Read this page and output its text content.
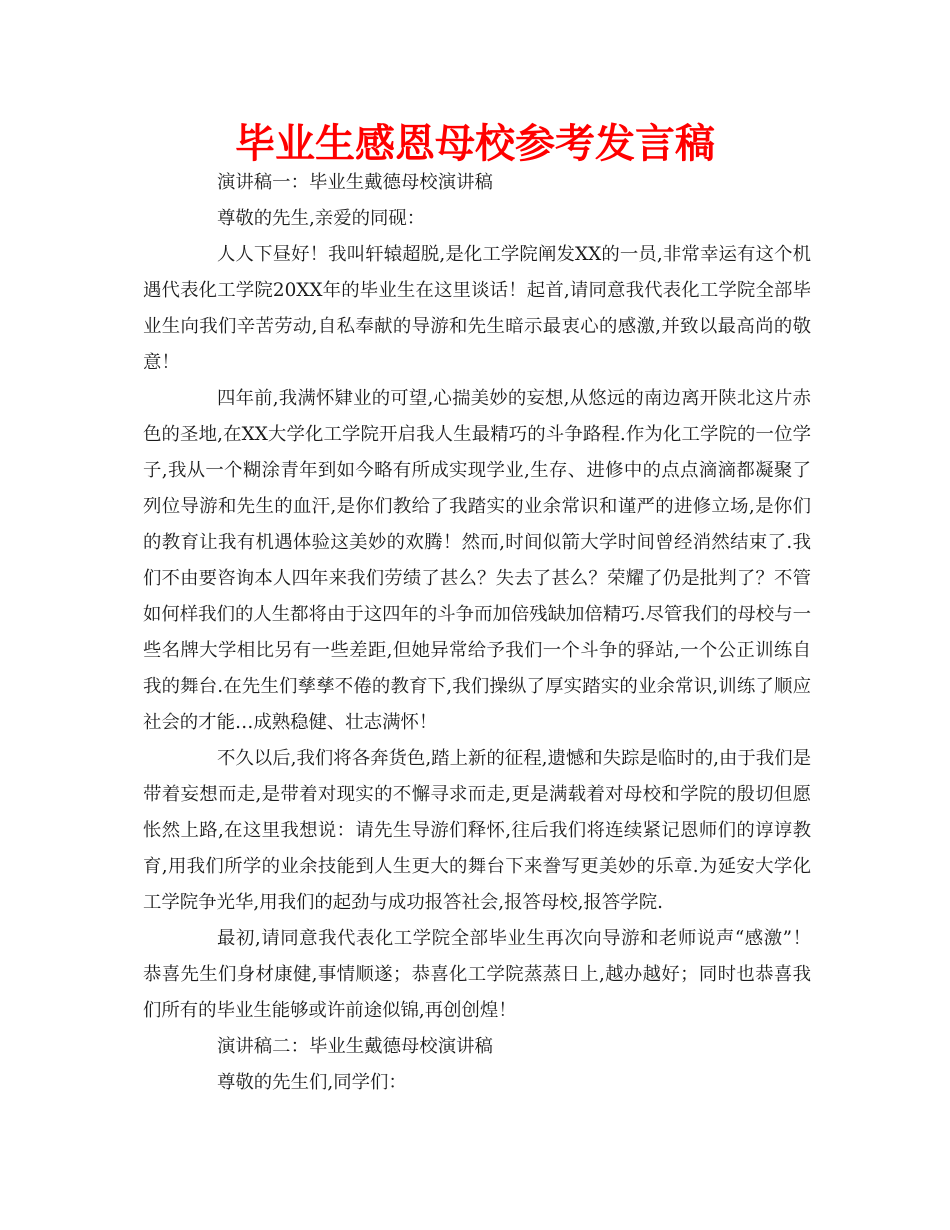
毕业生感恩母校参考发言稿

演讲稿一：毕业生戴德母校演讲稿

尊敬的先生,亲爱的同砚：

人人下昼好！我叫轩辕超脱,是化工学院阐发XX的一员,非常幸运有这个机遇代表化工学院20XX年的毕业生在这里谈话！起首,请同意我代表化工学院全部毕业生向我们辛苦劳动,自私奉献的导游和先生暗示最衷心的感激,并致以最高尚的敬意！

四年前,我满怀肄业的可望,心揣美妙的妄想,从悠远的南边离开陕北这片赤色的圣地,在XX大学化工学院开启我人生最精巧的斗争路程.作为化工学院的一位学子,我从一个糊涂青年到如今略有所成实现学业,生存、进修中的点点滴滴都凝聚了列位导游和先生的血汗,是你们教给了我踏实的业余常识和谨严的进修立场,是你们的教育让我有机遇体验这美妙的欢腾！然而,时间似箭大学时间曾经消然结束了.我们不由要咨询本人四年来我们劳绩了甚么？失去了甚么？荣耀了仍是批判了？不管如何样我们的人生都将由于这四年的斗争而加倍残缺加倍精巧.尽管我们的母校与一些名牌大学相比另有一些差距,但她异常给予我们一个斗争的驿站,一个公正训练自我的舞台.在先生们孳孳不倦的教育下,我们操纵了厚实踏实的业余常识,训练了顺应社会的才能…成熟稳健、壮志满怀！

不久以后,我们将各奔货色,踏上新的征程,遗憾和失踪是临时的,由于我们是带着妄想而走,是带着对现实的不懈寻求而走,更是满载着对母校和学院的殷切但愿怅然上路,在这里我想说：请先生导游们释怀,往后我们将连续紧记恩师们的谆谆教育,用我们所学的业余技能到人生更大的舞台下来誊写更美妙的乐章.为延安大学化工学院争光华,用我们的起劲与成功报答社会,报答母校,报答学院.

最初,请同意我代表化工学院全部毕业生再次向导游和老师说声“感激”！恭喜先生们身材康健,事情顺遂；恭喜化工学院蒸蒸日上,越办越好；同时也恭喜我们所有的毕业生能够或许前途似锦,再创创煌！

演讲稿二：毕业生戴德母校演讲稿

尊敬的先生们,同学们：
